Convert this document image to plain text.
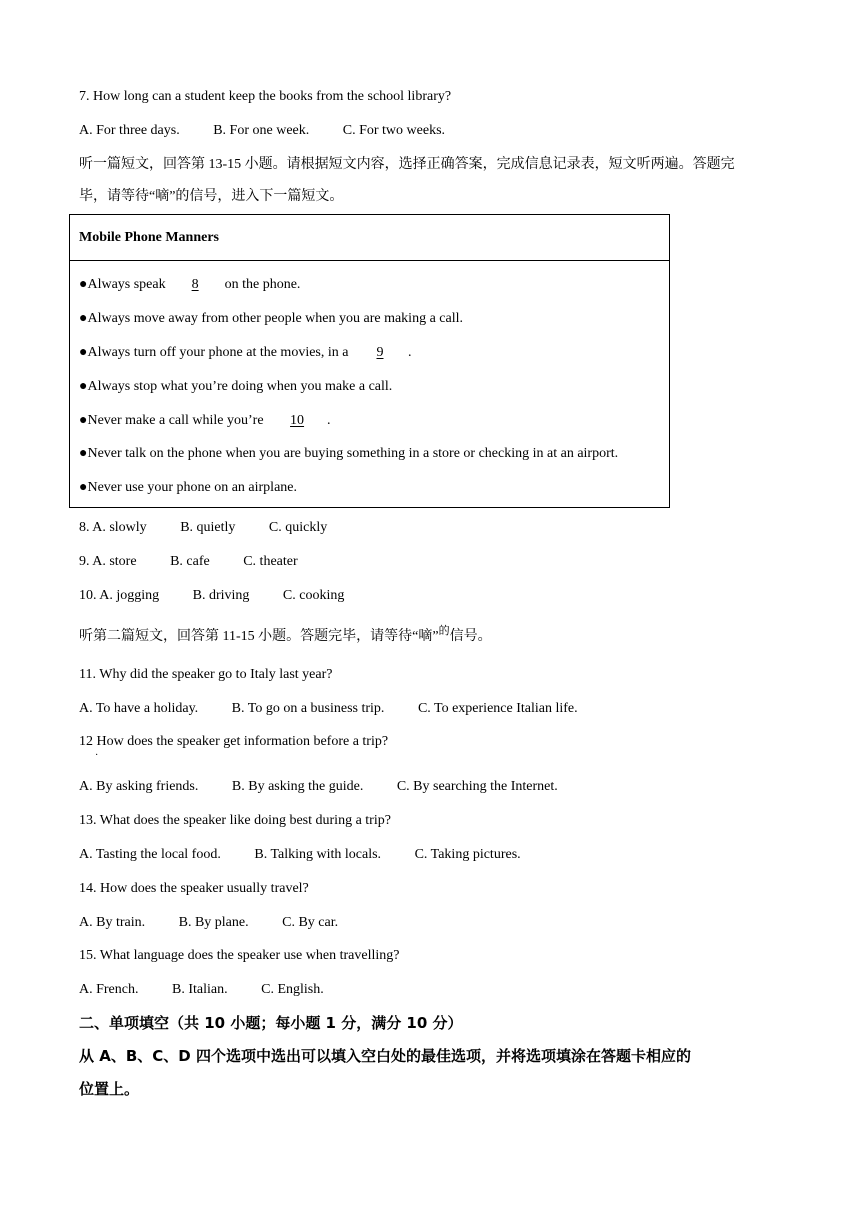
7. How long can a student keep the books from the school library?
A. For three days. B. For one week. C. For two weeks.
听一篇短文，回答第 13-15 小题。请根据短文内容，选择正确答案，完成信息记录表，短文听两遍。答题完
毕，请等待“嘀”的信号，进入下一篇短文。
Mobile Phone Manners
●Always speak 8 on the phone.
●Always move away from other people when you are making a call.
●Always turn off your phone at the movies, in a 9 .
●Always stop what you’re doing when you make a call.
●Never make a call while you’re 10 .
●Never talk on the phone when you are buying something in a store or checking in at an airport.
●Never use your phone on an airplane.
8. A. slowly B. quietly C. quickly
9. A. store B. cafe C. theater
10. A. jogging B. driving C. cooking
听第二篇短文，回答第 11-15 小题。答题完毕，请等待“嘀”$^的$信号。
11. Why did the speaker go to Italy last year?
A. To have a holiday. B. To go on a business trip. C. To experience Italian life.
12 How does the speaker get information before a trip?
·
A. By asking friends. B. By asking the guide. C. By searching the Internet.
13. What does the speaker like doing best during a trip?
A. Tasting the local food. B. Talking with locals. C. Taking pictures.
14. How does the speaker usually travel?
A. By train. B. By plane. C. By car.
15. What language does the speaker use when travelling?
A. French. B. Italian. C. English.
二、单项填空（共 10 小题；每小题 1 分，满分 10 分）
从 A、B、C、D 四个选项中选出可以填入空白处的最佳选项，并将选项填涂在答题卡相应的
位置上。
